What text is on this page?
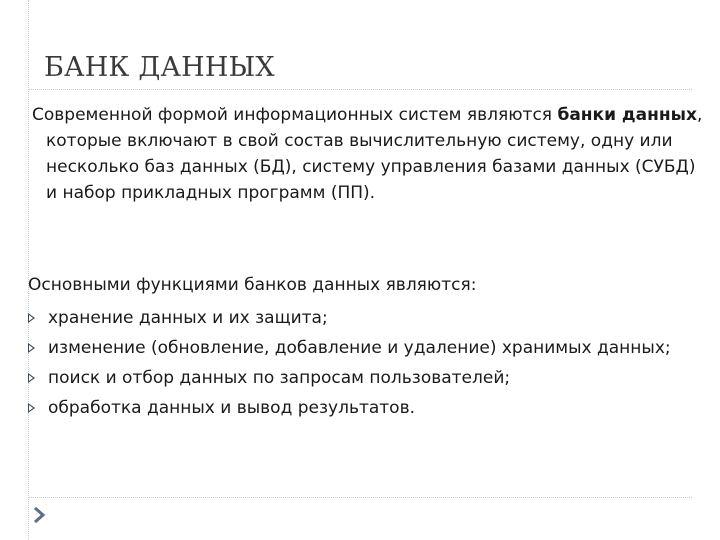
БАНК ДАННЫХ

Современной формой информационных систем являются банки данных, которые включают в свой состав вычислительную систему, одну или несколько баз данных (БД), систему управления базами данных (СУБД) и набор прикладных программ (ПП).

Основными функциями банков данных являются:

хранение данных и их защита;
изменение (обновление, добавление и удаление) хранимых данных;
поиск и отбор данных по запросам пользователей;
обработка данных и вывод результатов.
